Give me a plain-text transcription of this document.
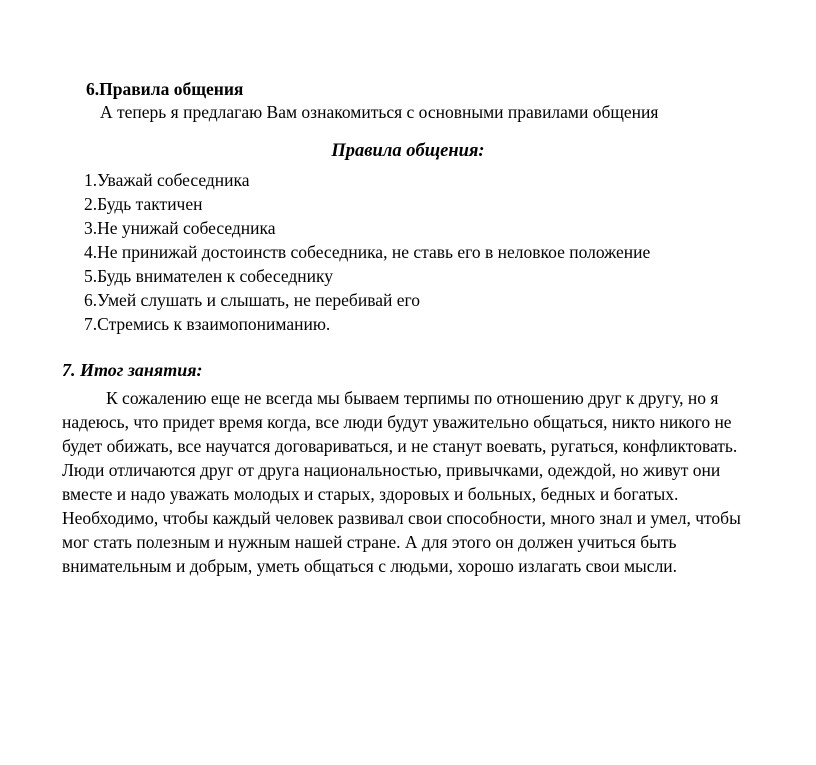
6.Правила общения

А теперь я предлагаю Вам ознакомиться с основными правилами общения

Правила общения:

1.Уважай собеседника
2.Будь тактичен
3.Не унижай собеседника
4.Не принижай достоинств собеседника, не ставь его в неловкое положение
5.Будь внимателен к собеседнику
6.Умей слушать и слышать, не перебивай его
7.Стремись к взаимопониманию.

7. Итог занятия:

К сожалению еще не всегда мы бываем терпимы по отношению друг к другу, но я надеюсь, что придет время когда, все люди будут уважительно общаться, никто никого не будет обижать, все научатся договариваться, и не станут воевать, ругаться, конфликтовать. Люди отличаются друг от друга национальностью, привычками, одеждой, но живут они вместе и надо уважать молодых и старых, здоровых и больных, бедных и богатых. Необходимо, чтобы каждый человек развивал свои способности, много знал и умел, чтобы мог стать полезным и нужным нашей стране. А для этого он должен учиться быть внимательным и добрым, уметь общаться с людьми, хорошо излагать свои мысли.
